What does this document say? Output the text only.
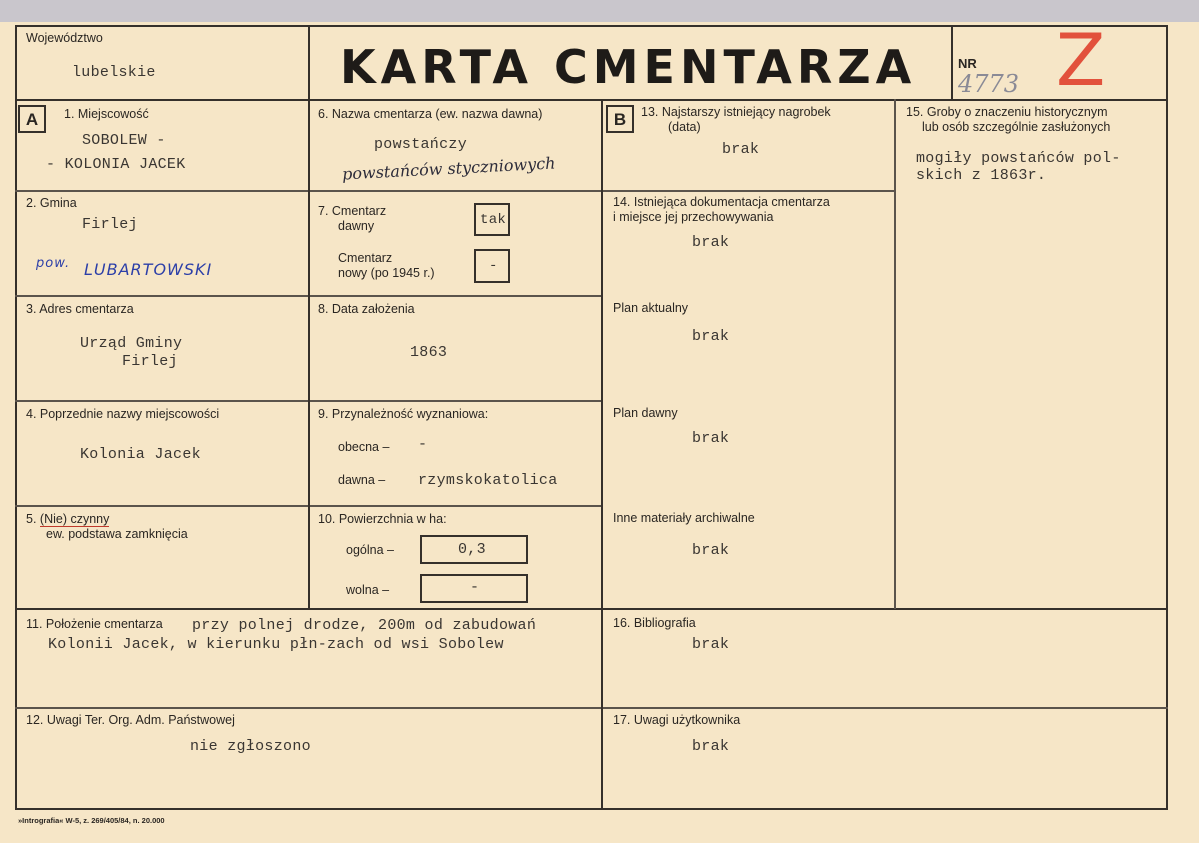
Województwo
lubelskie	KARTA CMENTARZA	NR
4773 Z
A	1. Miejscowość
SOBOLEW -
- KOLONIA JACEK
2. Gmina
Firlej
pow. LUBARTOWSKI
3. Adres cmentarza
Urząd Gminy
Firlej
4. Poprzednie nazwy miejscowości
Kolonia Jacek
5. (Nie) czynny
ew. podstawa zamknięcia
6. Nazwa cmentarza (ew. nazwa dawna)
powstańczy
powstańców styczniowych
7. Cmentarz
dawny	tak
Cmentarz
nowy (po 1945 r.)	-
8. Data założenia
1863
9. Przynależność wyznaniowa:
obecna – -
dawna – rzymskokatolica
10. Powierzchnia w ha:
ogólna –	0,3
wolna –	-
B	13. Najstarszy istniejący nagrobek
(data)
brak
14. Istniejąca dokumentacja cmentarza
i miejsce jej przechowywania
brak
Plan aktualny
brak
Plan dawny
brak
Inne materiały archiwalne
brak
15. Groby o znaczeniu historycznym
lub osób szczególnie zasłużonych
mogiły powstańców pol-
skich z 1863r.
11. Położenie cmentarza przy polnej drodze, 200m od zabudowań
Kolonii Jacek, w kierunku płn-zach od wsi Sobolew
16. Bibliografia
brak
12. Uwagi Ter. Org. Adm. Państwowej
nie zgłoszono
17. Uwagi użytkownika
brak
»Intrografia« W-5, z. 269/405/84, n. 20.000
